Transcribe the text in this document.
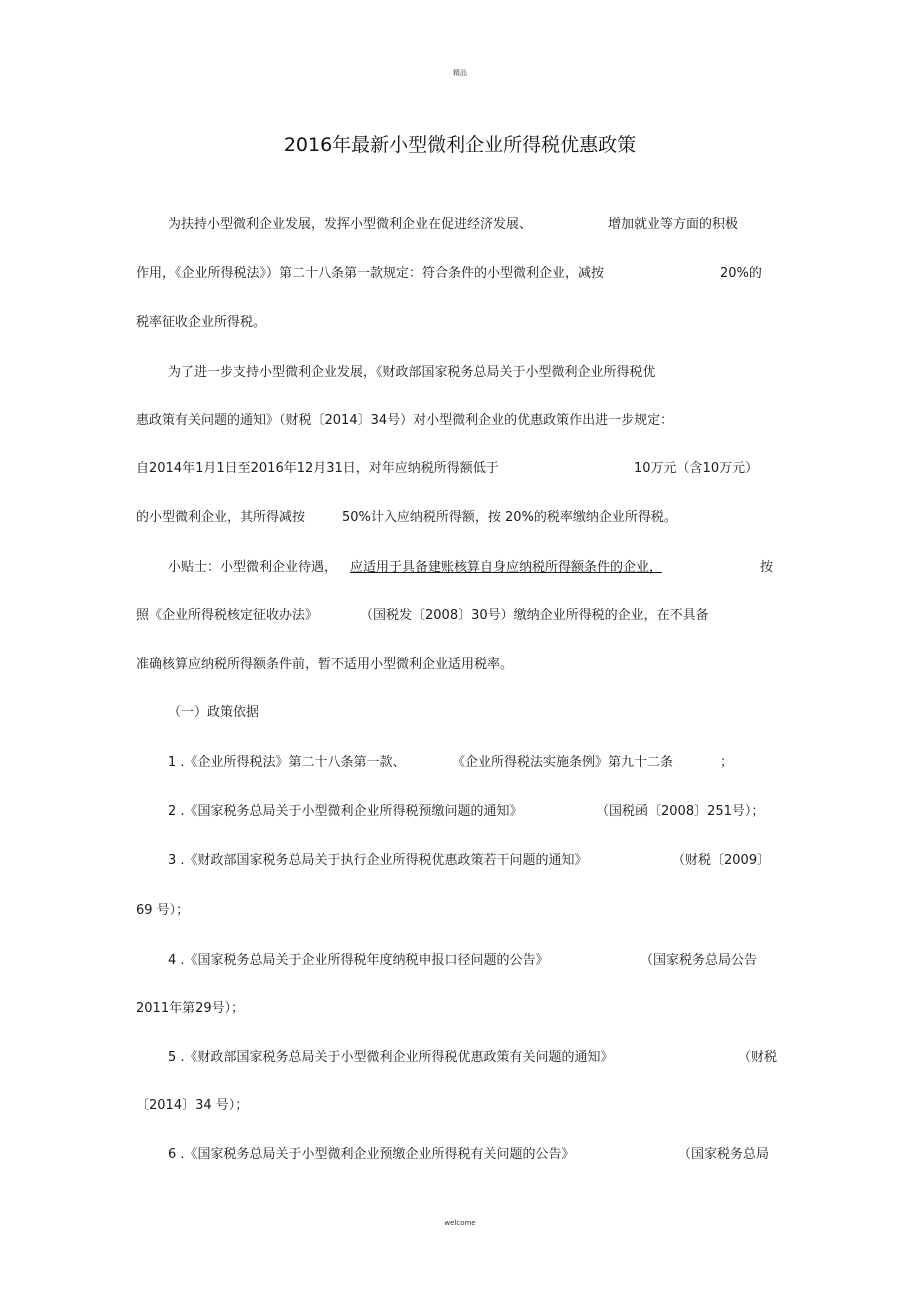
精品
2016年最新小型微利企业所得税优惠政策
为扶持小型微利企业发展，发挥小型微利企业在促进经济发展、	增加就业等方面的积极
作用，《企业所得税法》）第二十八条第一款规定：符合条件的小型微利企业，减按	20%的
税率征收企业所得税。
为了进一步支持小型微利企业发展，《财政部国家税务总局关于小型微利企业所得税优
惠政策有关问题的通知》（财税〔2014〕34号）对小型微利企业的优惠政策作出进一步规定：
自2014年1月1日至2016年12月31日，对年应纳税所得额低于	10万元（含10万元）
的小型微利企业，其所得减按	50%计入应纳税所得额，按 20%的税率缴纳企业所得税。
小贴士：小型微利企业待遇， 应适用于具备建账核算自身应纳税所得额条件的企业，	按
照《企业所得税核定征收办法》	（国税发〔2008〕30号）缴纳企业所得税的企业，在不具备
准确核算应纳税所得额条件前，暂不适用小型微利企业适用税率。
（一）政策依据
1 .《企业所得税法》第二十八条第一款、	《企业所得税法实施条例》第九十二条	；
2 .《国家税务总局关于小型微利企业所得税预缴问题的通知》	（国税函〔2008〕251号）；
3 .《财政部国家税务总局关于执行企业所得税优惠政策若干问题的通知》	（财税〔2009〕
69 号）；
4 .《国家税务总局关于企业所得税年度纳税申报口径问题的公告》	（国家税务总局公告
2011年第29号）；
5 .《财政部国家税务总局关于小型微利企业所得税优惠政策有关问题的通知》	（财税
〔2014〕34 号）；
6 .《国家税务总局关于小型微利企业预缴企业所得税有关问题的公告》	（国家税务总局
welcome
